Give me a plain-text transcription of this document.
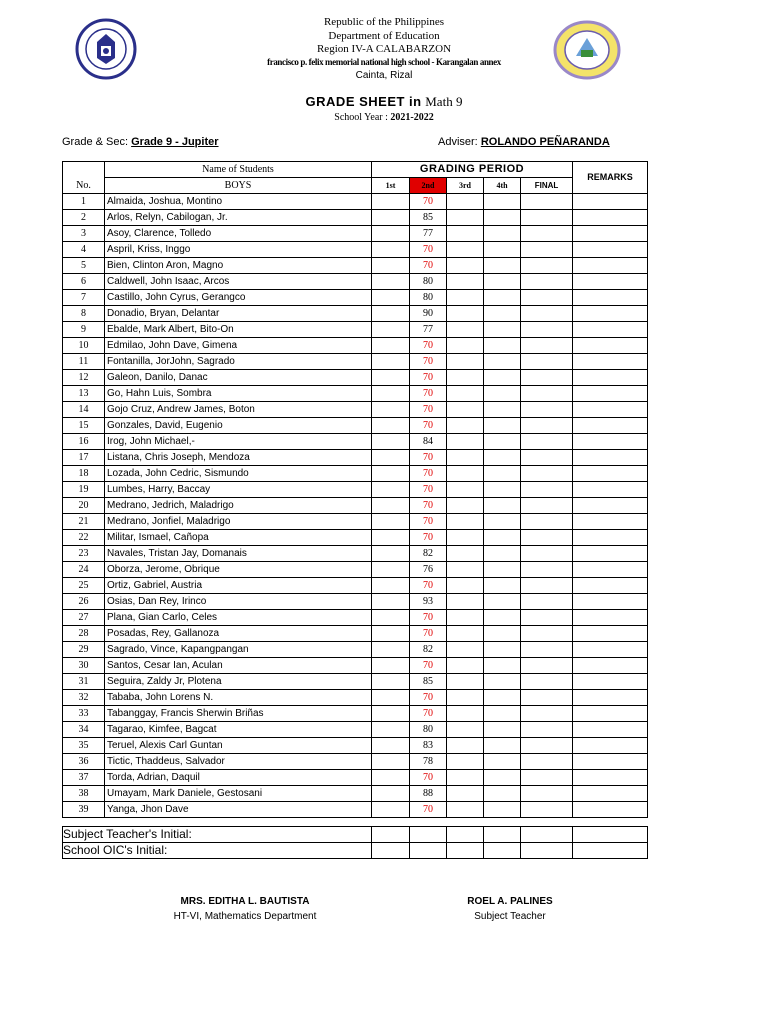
Republic of the Philippines
Department of Education
Region IV-A CALABARZON
francisco p. felix memorial national high school - Karangalan annex
Cainta, Rizal
GRADE SHEET in Math 9
School Year : 2021-2022
Grade & Sec: Grade 9 - Jupiter	Adviser: ROLANDO PEÑARANDA
	Name of Students	GRADING PERIOD					REMARKS
No.	BOYS	1st	2nd	3rd	4th	FINAL	
1	Almaida, Joshua, Montino		70				
2	Arlos, Relyn, Cabilogan, Jr.		85				
3	Asoy, Clarence, Tolledo		77				
4	Aspril, Kriss, Inggo		70				
5	Bien, Clinton Aron, Magno		70				
6	Caldwell, John Isaac, Arcos		80				
7	Castillo, John Cyrus, Gerangco		80				
8	Donadio, Bryan, Delantar		90				
9	Ebalde, Mark Albert, Bito-On		77				
10	Edmilao, John Dave, Gimena		70				
11	Fontanilla, JorJohn, Sagrado		70				
12	Galeon, Danilo, Danac		70				
13	Go, Hahn Luis, Sombra		70				
14	Gojo Cruz, Andrew James, Boton		70				
15	Gonzales, David, Eugenio		70				
16	Irog, John Michael,-		84				
17	Listana, Chris Joseph, Mendoza		70				
18	Lozada, John Cedric, Sismundo		70				
19	Lumbes, Harry, Baccay		70				
20	Medrano, Jedrich, Maladrigo		70				
21	Medrano, Jonfiel, Maladrigo		70				
22	Militar, Ismael, Cañopa		70				
23	Navales, Tristan Jay, Domanais		82				
24	Oborza, Jerome, Obrique		76				
25	Ortiz, Gabriel, Austria		70				
26	Osias, Dan Rey, Irinco		93				
27	Plana, Gian Carlo, Celes		70				
28	Posadas, Rey, Gallanoza		70				
29	Sagrado, Vince, Kapangpangan		82				
30	Santos, Cesar Ian, Aculan		70				
31	Seguira, Zaldy Jr, Plotena		85				
32	Tababa, John Lorens N.		70				
33	Tabanggay, Francis Sherwin Briñas		70				
34	Tagarao, Kimfee, Bagcat		80				
35	Teruel, Alexis Carl Guntan		83				
36	Tictic, Thaddeus, Salvador		78				
37	Torda, Adrian, Daquil		70				
38	Umayam, Mark Daniele, Gestosani		88				
39	Yanga, Jhon Dave		70				
Subject Teacher's Initial:						
School OIC's Initial:						
MRS. EDITHA L. BAUTISTA
HT-VI, Mathematics Department
ROEL A. PALINES
Subject Teacher
